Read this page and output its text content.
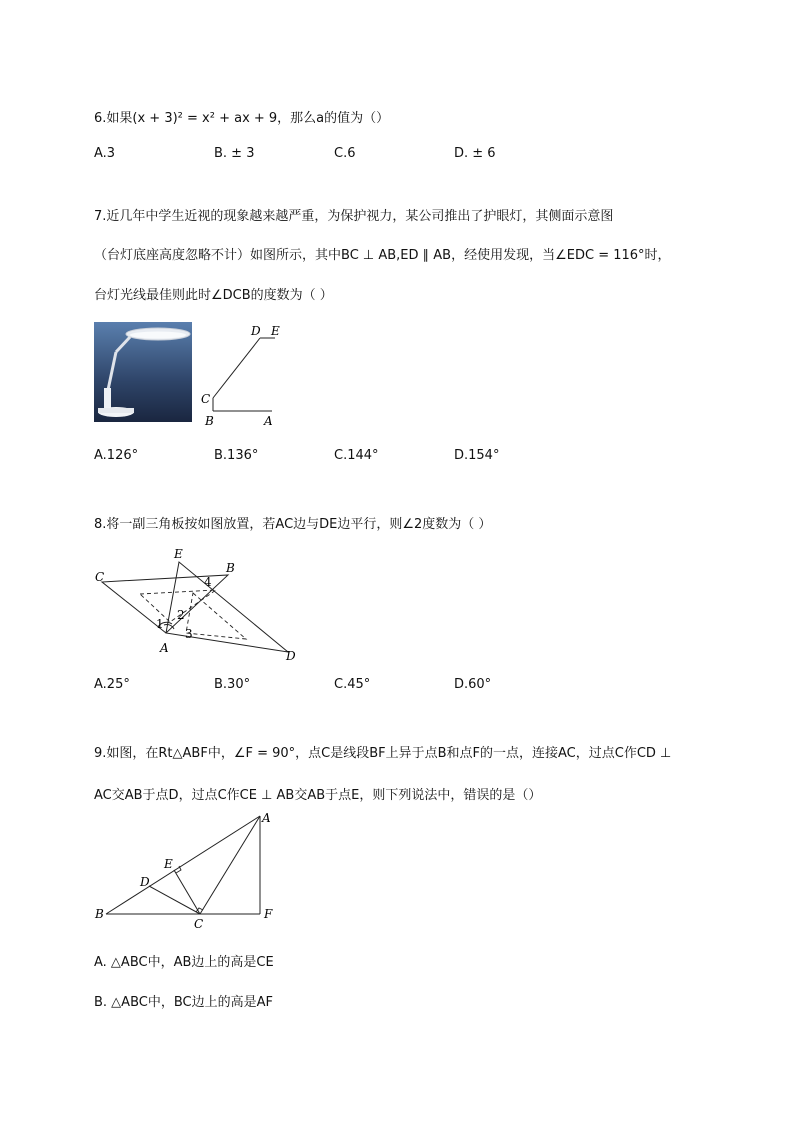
6.如果(x + 3)² = x² + ax + 9，那么a的值为（）
A.3	B. ± 3	C.6	D. ± 6
7.近几年中学生近视的现象越来越严重，为保护视力，某公司推出了护眼灯，其侧面示意图
（台灯底座高度忽略不计）如图所示，其中BC ⊥ AB,ED ∥ AB，经使用发现，当∠EDC = 116°时，
台灯光线最佳则此时∠DCB的度数为（ ）
D E
C
B	A
A.126°	B.136°	C.144°	D.154°
8.将一副三角板按如图放置，若AC边与DE边平行，则∠2度数为（ ）
C
E
B
A
D
1
2
3
4
A.25°	B.30°	C.45°	D.60°
9.如图，在Rt△ABF中，∠F = 90°，点C是线段BF上异于点B和点F的一点，连接AC，过点C作CD ⊥
AC交AB于点D，过点C作CE ⊥ AB交AB于点E，则下列说法中，错误的是（）
A
E
D
B
C
F
A. △ABC中，AB边上的高是CE
B. △ABC中，BC边上的高是AF
